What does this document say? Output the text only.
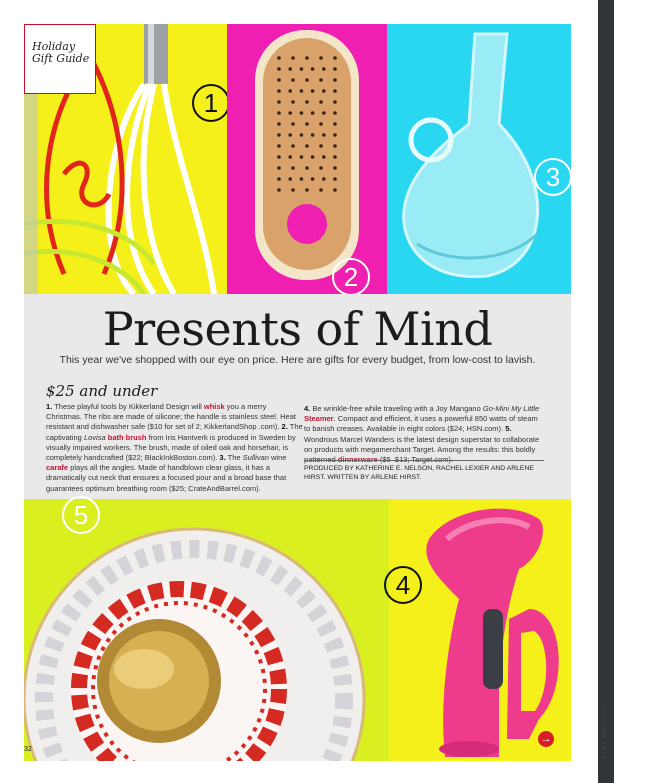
Holiday
Gift Guide
1
2
3
Presents of Mind
This year we've shopped with our eye on price. Here are gifts for every budget, from low-cost to lavish.
$25 and under
1. These playful tools by Kikkerland Design will whisk you a merry Christmas. The ribs are made of silicone; the handle is stainless steel. Heat resistant and dishwasher safe ($10 for set of 2; KikkerlandShop .com). 2. The captivating Lovisa bath brush from Iris Hantverk is produced in Sweden by visually impaired workers. The brush, made of oiled oak and horsehair, is completely handcrafted ($22; BlackInkBoston.com). 3. The Sullivan wine carafe plays all the angles. Made of handblown clear glass, it has a dramatically cut neck that ensures a focused pour and a broad base that guarantees optimum breathing room ($25; CrateAndBarrel.com).
4. Be wrinkle-free while traveling with a Joy Mangano Go-Mini My Little Steamer. Compact and efficient, it uses a powerful 850 watts of steam to banish creases. Available in eight colors ($24; HSN.com). 5. Wondrous Marcel Wanders is the latest design superstar to collaborate on products with megamerchant Target. Among the results: this boldly
PRODUCED BY KATHERINE E. NELSON, RACHEL LEXIER AND ARLENE HIRST. WRITTEN BY ARLENE HIRST.
5
4
32
→	DAVID AND STARR
